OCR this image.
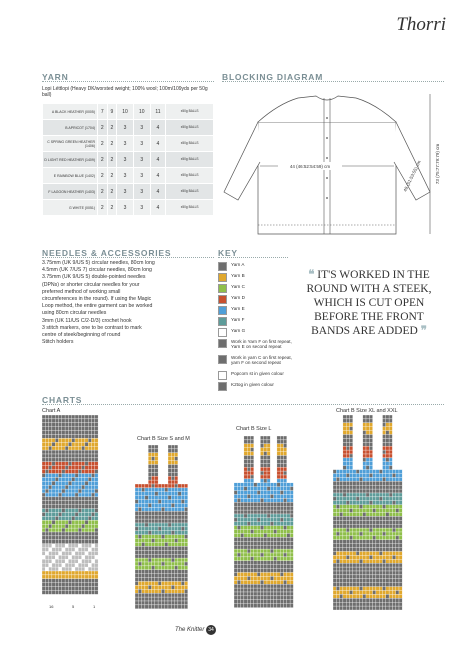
Thorri
YARN
Lopi Léttlopi (Heavy DK/worsted weight; 100% wool; 100m/109yds per 50g ball)
A BLACK HEATHER (0005)	7	9	10	10	11	x50g BALLS
B APRICOT (1704)	2	2	3	3	4	x50g BALLS
C SPRING GREEN HEATHER (1406)	2	2	3	3	4	x50g BALLS
D LIGHT RED HEATHER (1409)	2	2	3	3	4	x50g BALLS
E RAINBOW BLUE (1402)	2	2	3	3	4	x50g BALLS
F LAGOON HEATHER (1403)	2	2	3	3	4	x50g BALLS
G WHITE (0051)	2	2	3	3	4	x50g BALLS
NEEDLES & ACCESSORIES
3.75mm (UK 9/US 5) circular needles, 80cm long
4.5mm (UK 7/US 7) circular needles, 80cm long
3.75mm (UK 9/US 5) double-pointed needles
(DPNs) or shorter circular needles for your
preferred method of working small
circumferences in the round). If using the Magic
Loop method, the entire garment can be worked
using 80cm circular needles
3mm (UK 11/US C/2-D/3) crochet hook
3 stitch markers, one to be contrast to mark
centre of steek/beginning of round
Stitch holders
KEY
Yarn A
Yarn B
Yarn C
Yarn D
Yarn E
Yarn F
Yarn G
Work in Yarn F on first repeat, Yarn E on second repeat
Work in yarn C on first repeat, yarn F on second repeat
Popcorn st in given colour
K2tog in given colour
BLOCKING DIAGRAM
44 (46:52:54:59) cm	49 (51:53:55) cm	73 (75:77:79:79) cm
❝ IT'S WORKED IN THE ROUND WITH A STEEK, WHICH IS CUT OPEN BEFORE THE FRONT BANDS ARE ADDED ❞
CHARTS
Chart A
Chart B Size S and M
Chart B Size L
Chart B Size XL and XXL
16	5	1
The Knitter 34
